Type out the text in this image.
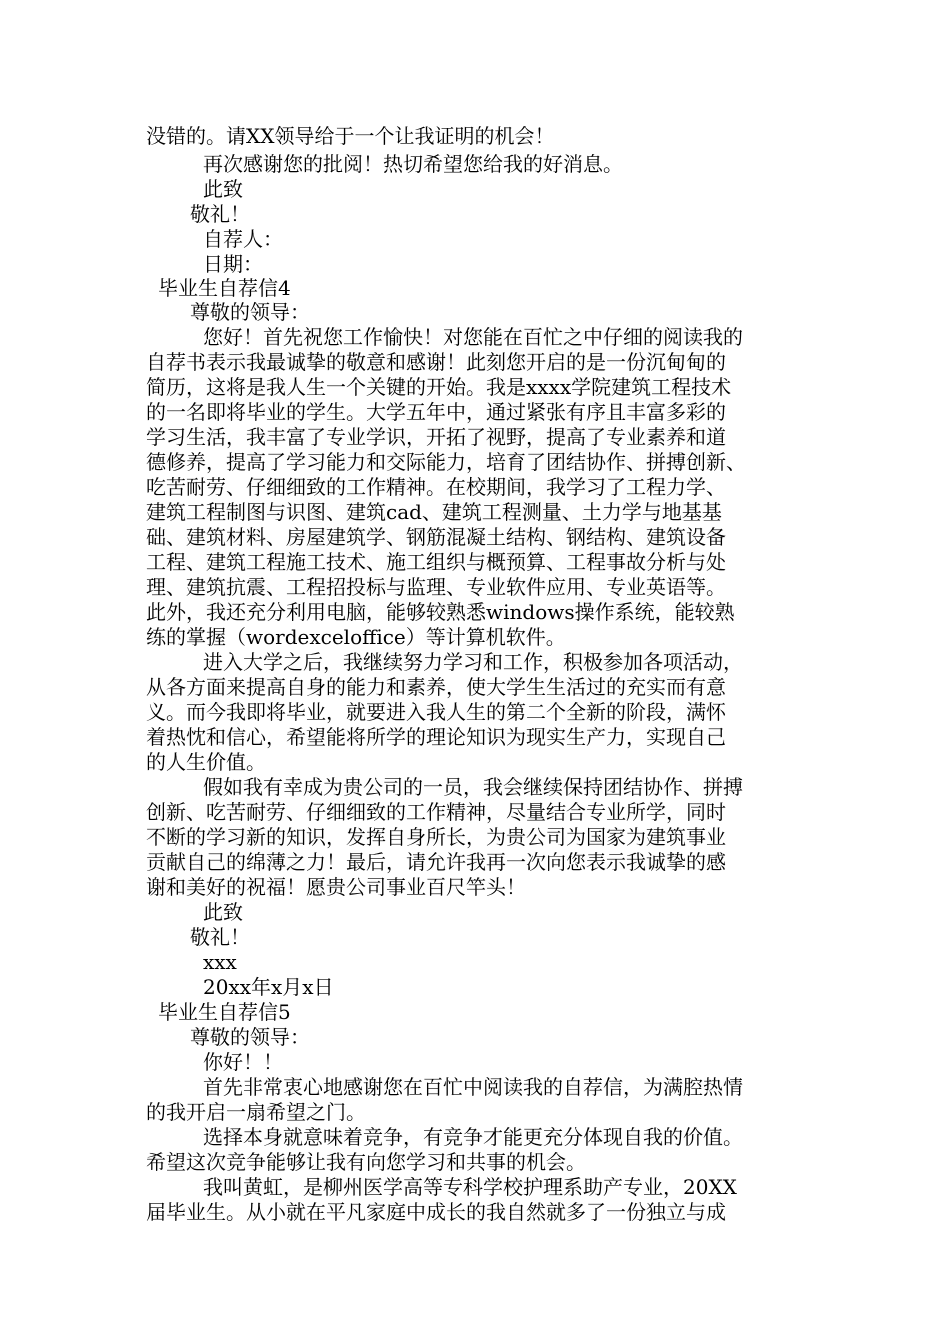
没错的。请XX领导给于一个让我证明的机会！
再次感谢您的批阅！热切希望您给我的好消息。
此致
敬礼！
自荐人：
日期：
毕业生自荐信4
尊敬的领导：
您好！首先祝您工作愉快！对您能在百忙之中仔细的阅读我的
自荐书表示我最诚挚的敬意和感谢！此刻您开启的是一份沉甸甸的
简历，这将是我人生一个关键的开始。我是xxxx学院建筑工程技术
的一名即将毕业的学生。大学五年中，通过紧张有序且丰富多彩的
学习生活，我丰富了专业学识，开拓了视野，提高了专业素养和道
德修养，提高了学习能力和交际能力，培育了团结协作、拼搏创新、
吃苦耐劳、仔细细致的工作精神。在校期间，我学习了工程力学、
建筑工程制图与识图、建筑cad、建筑工程测量、土力学与地基基
础、建筑材料、房屋建筑学、钢筋混凝土结构、钢结构、建筑设备
工程、建筑工程施工技术、施工组织与概预算、工程事故分析与处
理、建筑抗震、工程招投标与监理、专业软件应用、专业英语等。
此外，我还充分利用电脑，能够较熟悉windows操作系统，能较熟
练的掌握（wordexceloffice）等计算机软件。
进入大学之后，我继续努力学习和工作，积极参加各项活动，
从各方面来提高自身的能力和素养，使大学生生活过的充实而有意
义。而今我即将毕业，就要进入我人生的第二个全新的阶段，满怀
着热忱和信心，希望能将所学的理论知识为现实生产力，实现自己
的人生价值。
假如我有幸成为贵公司的一员，我会继续保持团结协作、拼搏
创新、吃苦耐劳、仔细细致的工作精神，尽量结合专业所学，同时
不断的学习新的知识，发挥自身所长，为贵公司为国家为建筑事业
贡献自己的绵薄之力！最后，请允许我再一次向您表示我诚挚的感
谢和美好的祝福！愿贵公司事业百尺竿头！
此致
敬礼！
xxx
20xx年x月x日
毕业生自荐信5
尊敬的领导：
你好！！
首先非常衷心地感谢您在百忙中阅读我的自荐信，为满腔热情
的我开启一扇希望之门。
选择本身就意味着竞争，有竞争才能更充分体现自我的价值。
希望这次竞争能够让我有向您学习和共事的机会。
我叫黄虹，是柳州医学高等专科学校护理系助产专业，20XX
届毕业生。从小就在平凡家庭中成长的我自然就多了一份独立与成
